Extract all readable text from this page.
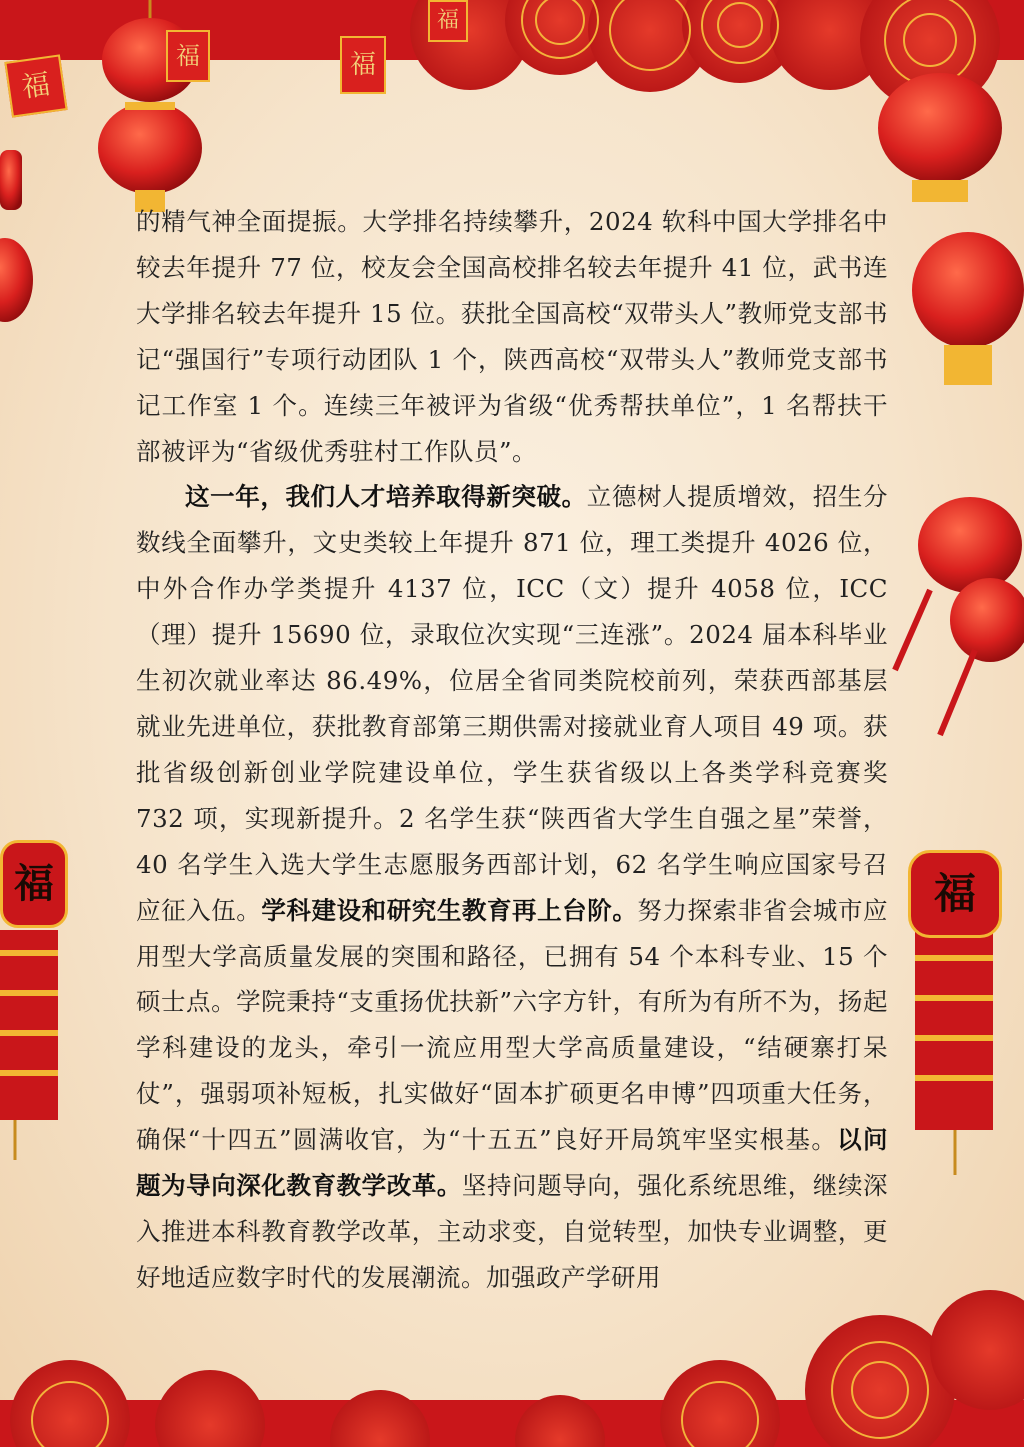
福
福
福
福
福	福

的精气神全面提振。大学排名持续攀升，2024 软科中国大学排名中较去年提升 77 位，校友会全国高校排名较去年提升 41 位，武书连大学排名较去年提升 15 位。获批全国高校“双带头人”教师党支部书记“强国行”专项行动团队 1 个，陕西高校“双带头人”教师党支部书记工作室 1 个。连续三年被评为省级“优秀帮扶单位”，1 名帮扶干部被评为“省级优秀驻村工作队员”。

这一年，我们人才培养取得新突破。立德树人提质增效，招生分数线全面攀升，文史类较上年提升 871 位，理工类提升 4026 位，中外合作办学类提升 4137 位，ICC（文）提升 4058 位，ICC（理）提升 15690 位，录取位次实现“三连涨”。2024 届本科毕业生初次就业率达 86.49%，位居全省同类院校前列，荣获西部基层就业先进单位，获批教育部第三期供需对接就业育人项目 49 项。获批省级创新创业学院建设单位，学生获省级以上各类学科竞赛奖 732 项，实现新提升。2 名学生获“陕西省大学生自强之星”荣誉，40 名学生入选大学生志愿服务西部计划，62 名学生响应国家号召应征入伍。学科建设和研究生教育再上台阶。努力探索非省会城市应用型大学高质量发展的突围和路径，已拥有 54 个本科专业、15 个硕士点。学院秉持“支重扬优扶新”六字方针，有所为有所不为，扬起学科建设的龙头，牵引一流应用型大学高质量建设，“结硬寨打呆仗”，强弱项补短板，扎实做好“固本扩硕更名申博”四项重大任务，确保“十四五”圆满收官，为“十五五”良好开局筑牢坚实根基。以问题为导向深化教育教学改革。坚持问题导向，强化系统思维，继续深入推进本科教育教学改革，主动求变，自觉转型，加快专业调整，更好地适应数字时代的发展潮流。加强政产学研用
